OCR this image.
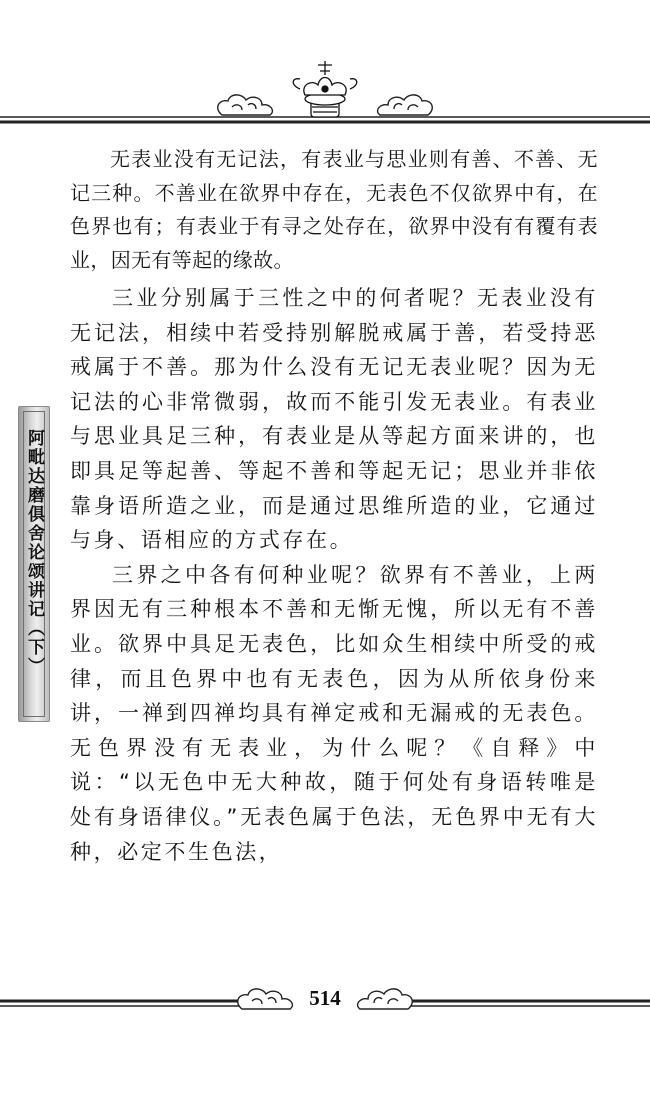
阿毗达磨俱舍论颂讲记（下）

无表业没有无记法，有表业与思业则有善、不善、无记三种。不善业在欲界中存在，无表色不仅欲界中有，在色界也有；有表业于有寻之处存在，欲界中没有有覆有表业，因无有等起的缘故。

三业分别属于三性之中的何者呢？无表业没有无记法，相续中若受持别解脱戒属于善，若受持恶戒属于不善。那为什么没有无记无表业呢？因为无记法的心非常微弱，故而不能引发无表业。有表业与思业具足三种，有表业是从等起方面来讲的，也即具足等起善、等起不善和等起无记；思业并非依靠身语所造之业，而是通过思维所造的业，它通过与身、语相应的方式存在。

三界之中各有何种业呢？欲界有不善业，上两界因无有三种根本不善和无惭无愧，所以无有不善业。欲界中具足无表色，比如众生相续中所受的戒律，而且色界中也有无表色，因为从所依身份来讲，一禅到四禅均具有禅定戒和无漏戒的无表色。无色界没有无表业，为什么呢？《自释》中说：“以无色中无大种故，随于何处有身语转唯是处有身语律仪。”无表色属于色法，无色界中无有大种，必定不生色法，

514
